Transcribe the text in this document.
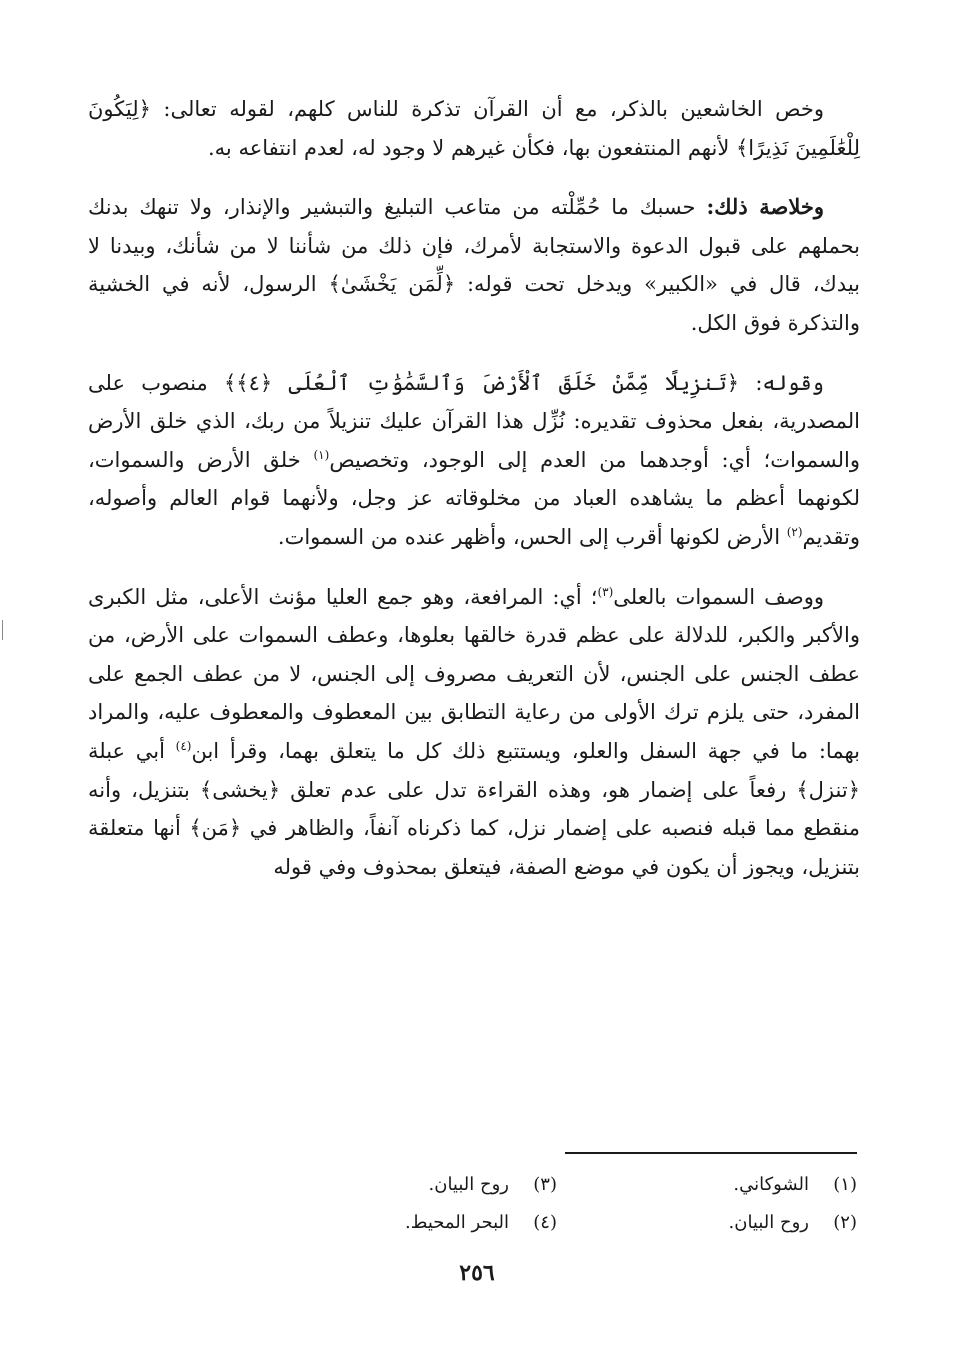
وخص الخاشعين بالذكر، مع أن القرآن تذكرة للناس كلهم، لقوله تعالى: ﴿لِيَكُونَ لِلْعَٰلَمِينَ نَذِيرًا﴾ لأنهم المنتفعون بها، فكأن غيرهم لا وجود له، لعدم انتفاعه به.

وخلاصة ذلك: حسبك ما حُمِّلْته من متاعب التبليغ والتبشير والإنذار، ولا تنهك بدنك بحملهم على قبول الدعوة والاستجابة لأمرك، فإن ذلك من شأننا لا من شأنك، وبيدنا لا بيدك، قال في «الكبير» ويدخل تحت قوله: ﴿لِّمَن يَخْشَىٰ﴾ الرسول، لأنه في الخشية والتذكرة فوق الكل.

وقوله: ﴿تَنزِيلًا مِّمَّنْ خَلَقَ ٱلْأَرْضَ وَٱلسَّمَٰوَٰتِ ٱلْعُلَى ﴿٤﴾﴾ منصوب على المصدرية، بفعل محذوف تقديره: نُزِّل هذا القرآن عليك تنزيلاً من ربك، الذي خلق الأرض والسموات؛ أي: أوجدهما من العدم إلى الوجود، وتخصيص$^{(١)}$ خلق الأرض والسموات، لكونهما أعظم ما يشاهده العباد من مخلوقاته عز وجل، ولأنهما قوام العالم وأصوله، وتقديم$^{(٢)}$ الأرض لكونها أقرب إلى الحس، وأظهر عنده من السموات.

ووصف السموات بالعلى$^{(٣)}$؛ أي: المرافعة، وهو جمع العليا مؤنث الأعلى، مثل الكبرى والأكبر والكبر، للدلالة على عظم قدرة خالقها بعلوها، وعطف السموات على الأرض، من عطف الجنس على الجنس، لأن التعريف مصروف إلى الجنس، لا من عطف الجمع على المفرد، حتى يلزم ترك الأولى من رعاية التطابق بين المعطوف والمعطوف عليه، والمراد بهما: ما في جهة السفل والعلو، ويستتبع ذلك كل ما يتعلق بهما، وقرأ ابن$^{(٤)}$ أبي عبلة ﴿تنزل﴾ رفعاً على إضمار هو، وهذه القراءة تدل على عدم تعلق ﴿يخشى﴾ بتنزيل، وأنه منقطع مما قبله فنصبه على إضمار نزل، كما ذكرناه آنفاً، والظاهر في ﴿مَن﴾ أنها متعلقة بتنزيل، ويجوز أن يكون في موضع الصفة، فيتعلق بمحذوف وفي قوله

(١)الشوكاني.
(٢)روح البيان.
(٣)روح البيان.
(٤)البحر المحيط.
٢٥٦
